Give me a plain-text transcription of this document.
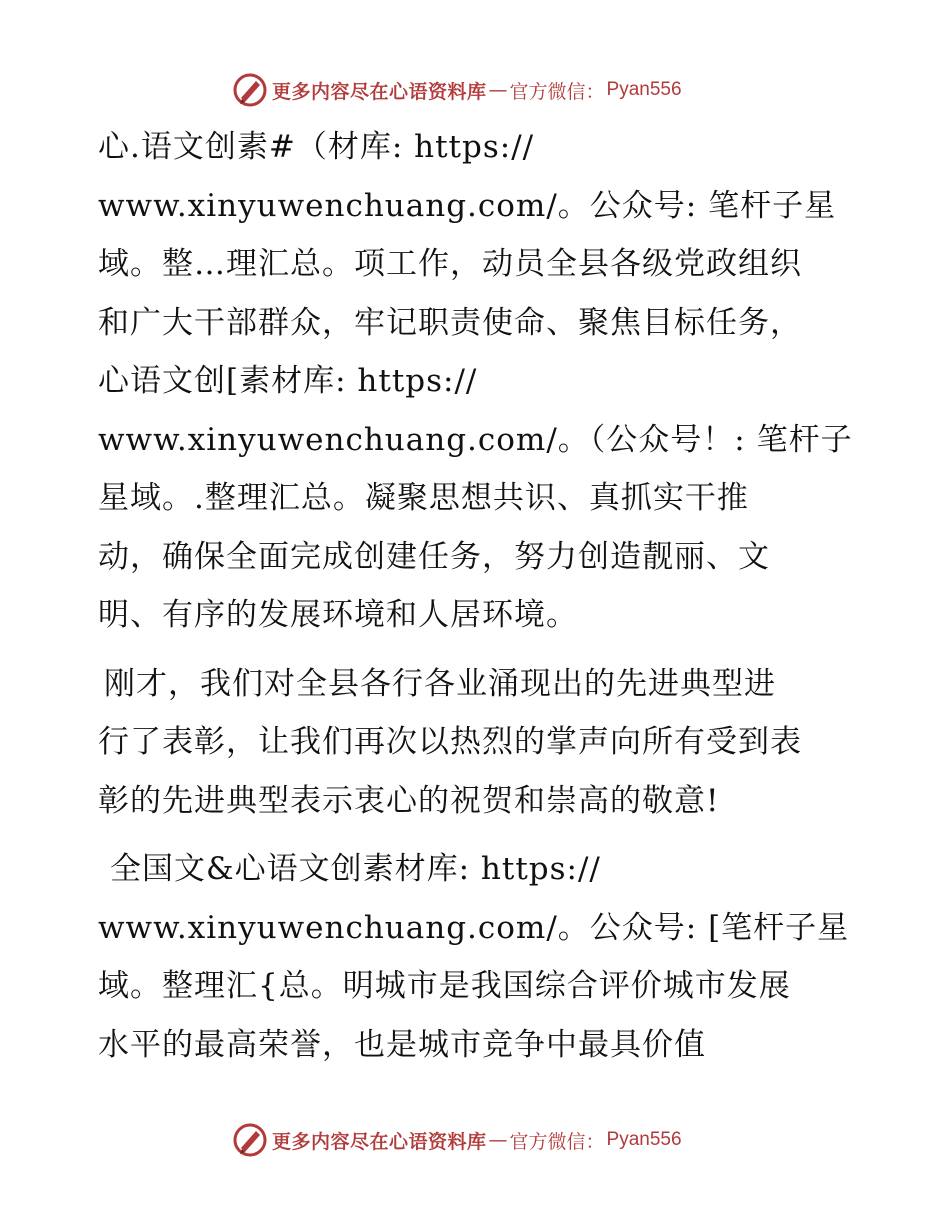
更多内容尽在心语资料库 — 官方微信： Pyan556
心.语文创素#（材库: https://
www.xinyuwenchuang.com/。公众号: 笔杆子星
域。整…理汇总。项工作，动员全县各级党政组织
和广大干部群众，牢记职责使命、聚焦目标任务，
心语文创[素材库: https://
www.xinyuwenchuang.com/。（公众号！: 笔杆子
星域。.整理汇总。凝聚思想共识、真抓实干推
动，确保全面完成创建任务，努力创造靓丽、文
明、有序的发展环境和人居环境。
刚才，我们对全县各行各业涌现出的先进典型进
行了表彰，让我们再次以热烈的掌声向所有受到表
彰的先进典型表示衷心的祝贺和崇高的敬意!
全国文&心语文创素材库: https://
www.xinyuwenchuang.com/。公众号: [笔杆子星
域。整理汇{总。明城市是我国综合评价城市发展
水平的最高荣誉，也是城市竞争中最具价值
更多内容尽在心语资料库 — 官方微信： Pyan556
